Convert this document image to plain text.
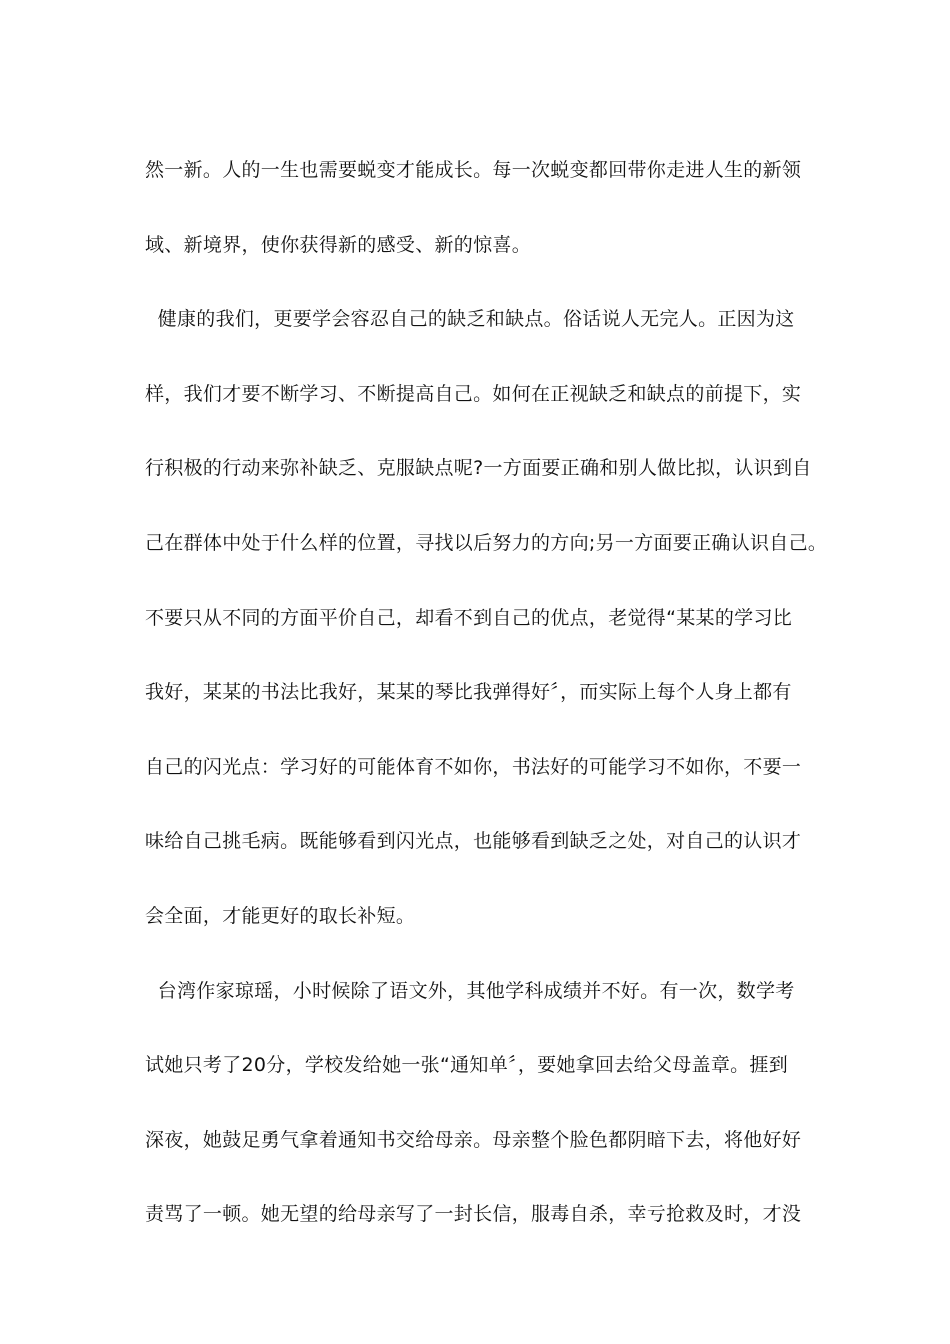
然一新。人的一生也需要蜕变才能成长。每一次蜕变都回带你走进人生的新领
域、新境界，使你获得新的感受、新的惊喜。
健康的我们，更要学会容忍自己的缺乏和缺点。俗话说人无完人。正因为这
样，我们才要不断学习、不断提高自己。如何在正视缺乏和缺点的前提下，实
行积极的行动来弥补缺乏、克服缺点呢?一方面要正确和别人做比拟，认识到自
己在群体中处于什么样的位置，寻找以后努力的方向;另一方面要正确认识自己。
不要只从不同的方面平价自己，却看不到自己的优点，老觉得“某某的学习比
我好，某某的书法比我好，某某的琴比我弹得好〞，而实际上每个人身上都有
自己的闪光点：学习好的可能体育不如你，书法好的可能学习不如你，不要一
味给自己挑毛病。既能够看到闪光点，也能够看到缺乏之处，对自己的认识才
会全面，才能更好的取长补短。
台湾作家琼瑶，小时候除了语文外，其他学科成绩并不好。有一次，数学考
试她只考了20分，学校发给她一张“通知单〞，要她拿回去给父母盖章。捱到
深夜，她鼓足勇气拿着通知书交给母亲。母亲整个脸色都阴暗下去，将他好好
责骂了一顿。她无望的给母亲写了一封长信，服毒自杀，幸亏抢救及时，才没
